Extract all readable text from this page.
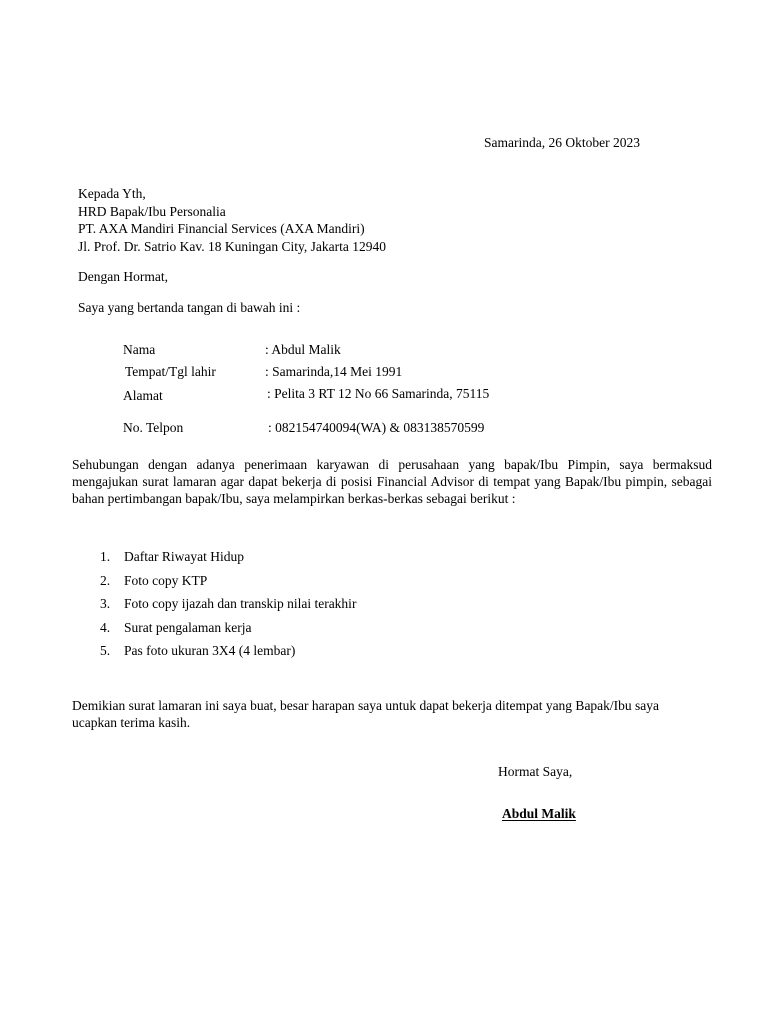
Samarinda, 26 Oktober 2023
Kepada Yth,
HRD Bapak/Ibu Personalia
PT. AXA Mandiri Financial Services (AXA Mandiri)
Jl. Prof. Dr. Satrio Kav. 18 Kuningan City, Jakarta 12940
Dengan Hormat,
Saya yang bertanda tangan di bawah ini :
Nama	: Abdul Malik
Tempat/Tgl lahir	: Samarinda,14 Mei 1991
Alamat	: Pelita 3 RT 12 No 66 Samarinda, 75115
No. Telpon	: 082154740094(WA) & 083138570599
Sehubungan dengan adanya penerimaan karyawan di perusahaan yang bapak/Ibu Pimpin, saya bermaksud mengajukan surat lamaran agar dapat bekerja di posisi Financial Advisor di tempat yang Bapak/Ibu pimpin, sebagai bahan pertimbangan bapak/Ibu, saya melampirkan berkas-berkas sebagai berikut :
1. Daftar Riwayat Hidup
2. Foto copy KTP
3. Foto copy ijazah dan transkip nilai terakhir
4. Surat pengalaman kerja
5. Pas foto ukuran 3X4 (4 lembar)
Demikian surat lamaran ini saya buat, besar harapan saya untuk dapat bekerja ditempat yang Bapak/Ibu saya ucapkan terima kasih.
Hormat Saya,
Abdul Malik
